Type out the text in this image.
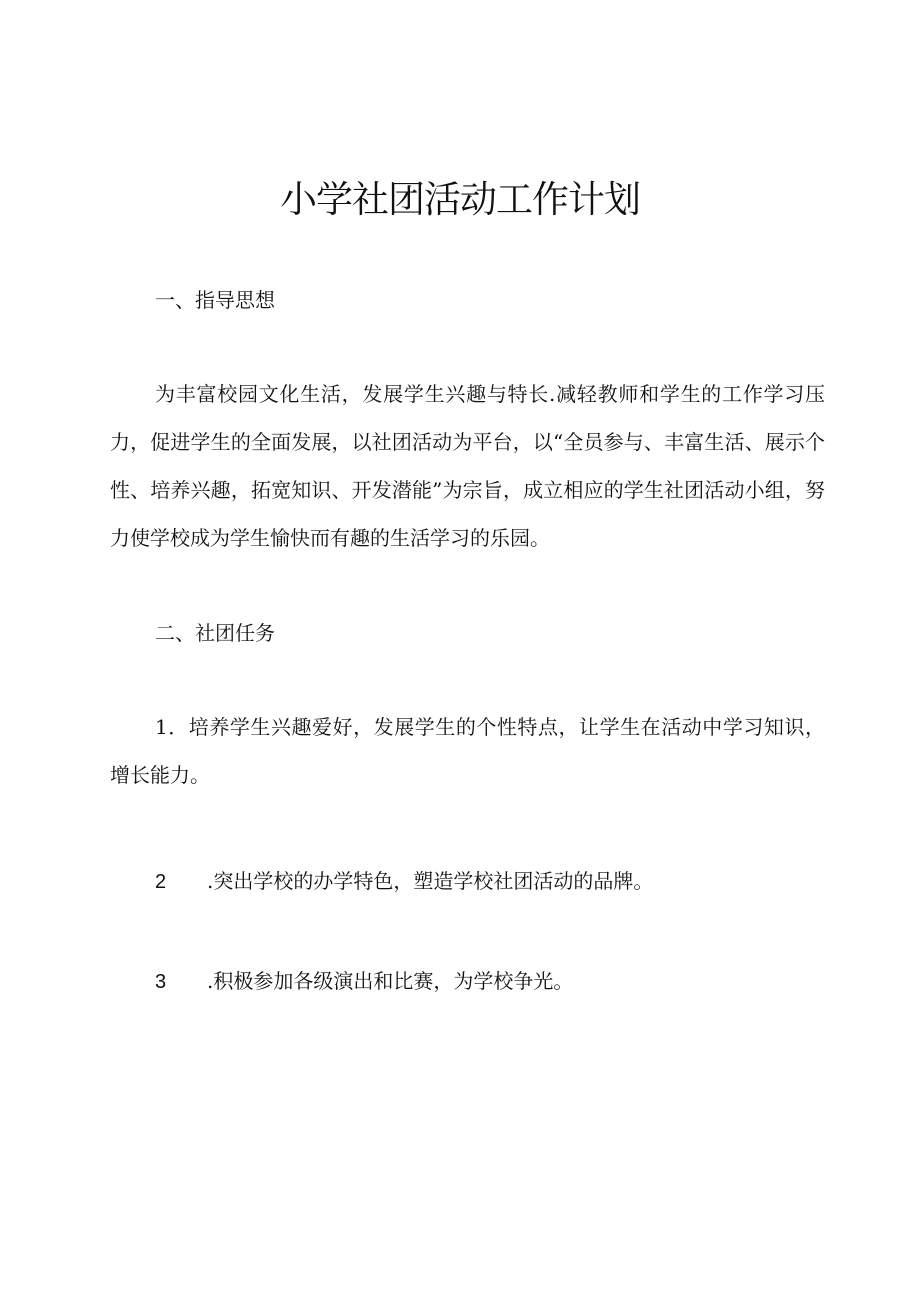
小学社团活动工作计划

一、指导思想

为丰富校园文化生活，发展学生兴趣与特长.减轻教师和学生的工作学习压力，促进学生的全面发展，以社团活动为平台，以“全员参与、丰富生活、展示个性、培养兴趣，拓宽知识、开发潜能”为宗旨，成立相应的学生社团活动小组，努力使学校成为学生愉快而有趣的生活学习的乐园。

二、社团任务

1．培养学生兴趣爱好，发展学生的个性特点，让学生在活动中学习知识，增长能力。

2 .突出学校的办学特色，塑造学校社团活动的品牌。

3 .积极参加各级演出和比赛，为学校争光。
